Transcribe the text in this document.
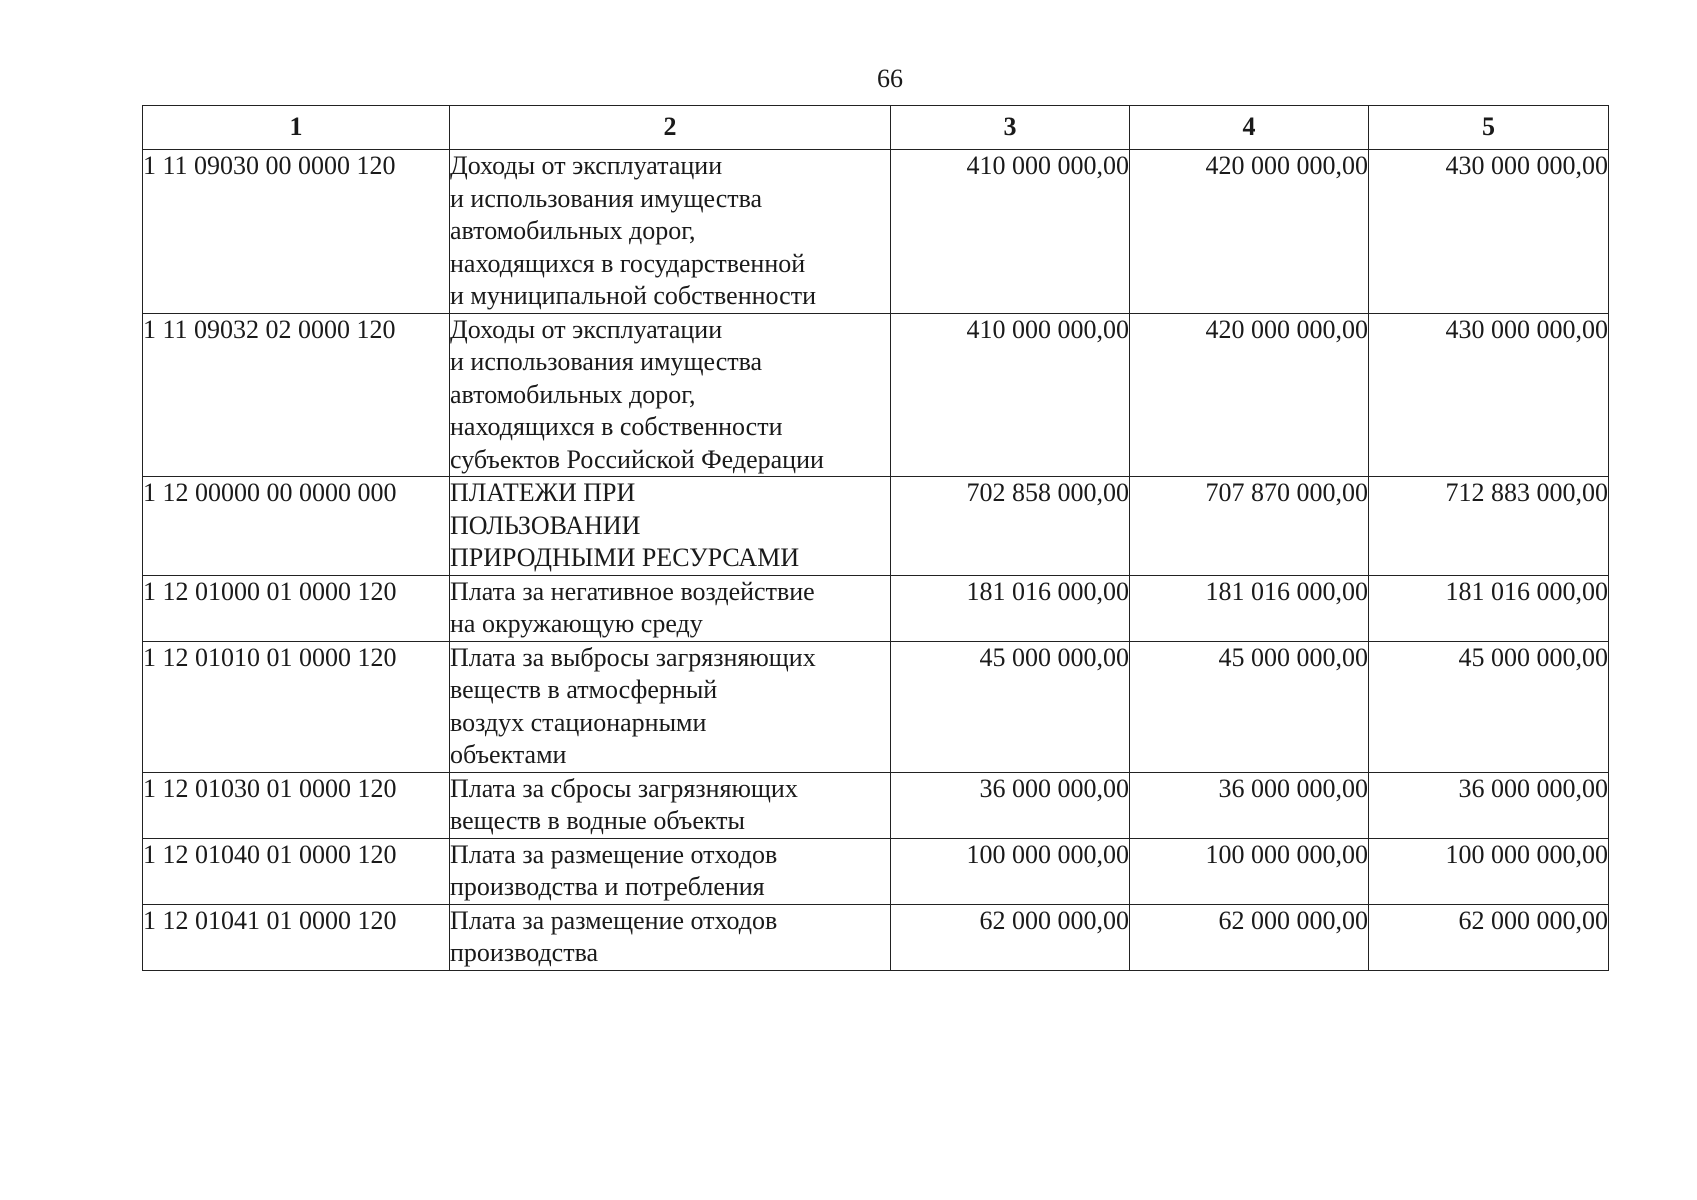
66
1	2	3	4	5
1 11 09030 00 0000 120	Доходы от эксплуатации
и использования имущества
автомобильных дорог,
находящихся в государственной
и муниципальной собственности	410 000 000,00	420 000 000,00	430 000 000,00
1 11 09032 02 0000 120	Доходы от эксплуатации
и использования имущества
автомобильных дорог,
находящихся в собственности
субъектов Российской Федерации	410 000 000,00	420 000 000,00	430 000 000,00
1 12 00000 00 0000 000	ПЛАТЕЖИ ПРИ
ПОЛЬЗОВАНИИ
ПРИРОДНЫМИ РЕСУРСАМИ	702 858 000,00	707 870 000,00	712 883 000,00
1 12 01000 01 0000 120	Плата за негативное воздействие
на окружающую среду	181 016 000,00	181 016 000,00	181 016 000,00
1 12 01010 01 0000 120	Плата за выбросы загрязняющих
веществ в атмосферный
воздух стационарными
объектами	45 000 000,00	45 000 000,00	45 000 000,00
1 12 01030 01 0000 120	Плата за сбросы загрязняющих
веществ в водные объекты	36 000 000,00	36 000 000,00	36 000 000,00
1 12 01040 01 0000 120	Плата за размещение отходов
производства и потребления	100 000 000,00	100 000 000,00	100 000 000,00
1 12 01041 01 0000 120	Плата за размещение отходов
производства	62 000 000,00	62 000 000,00	62 000 000,00
